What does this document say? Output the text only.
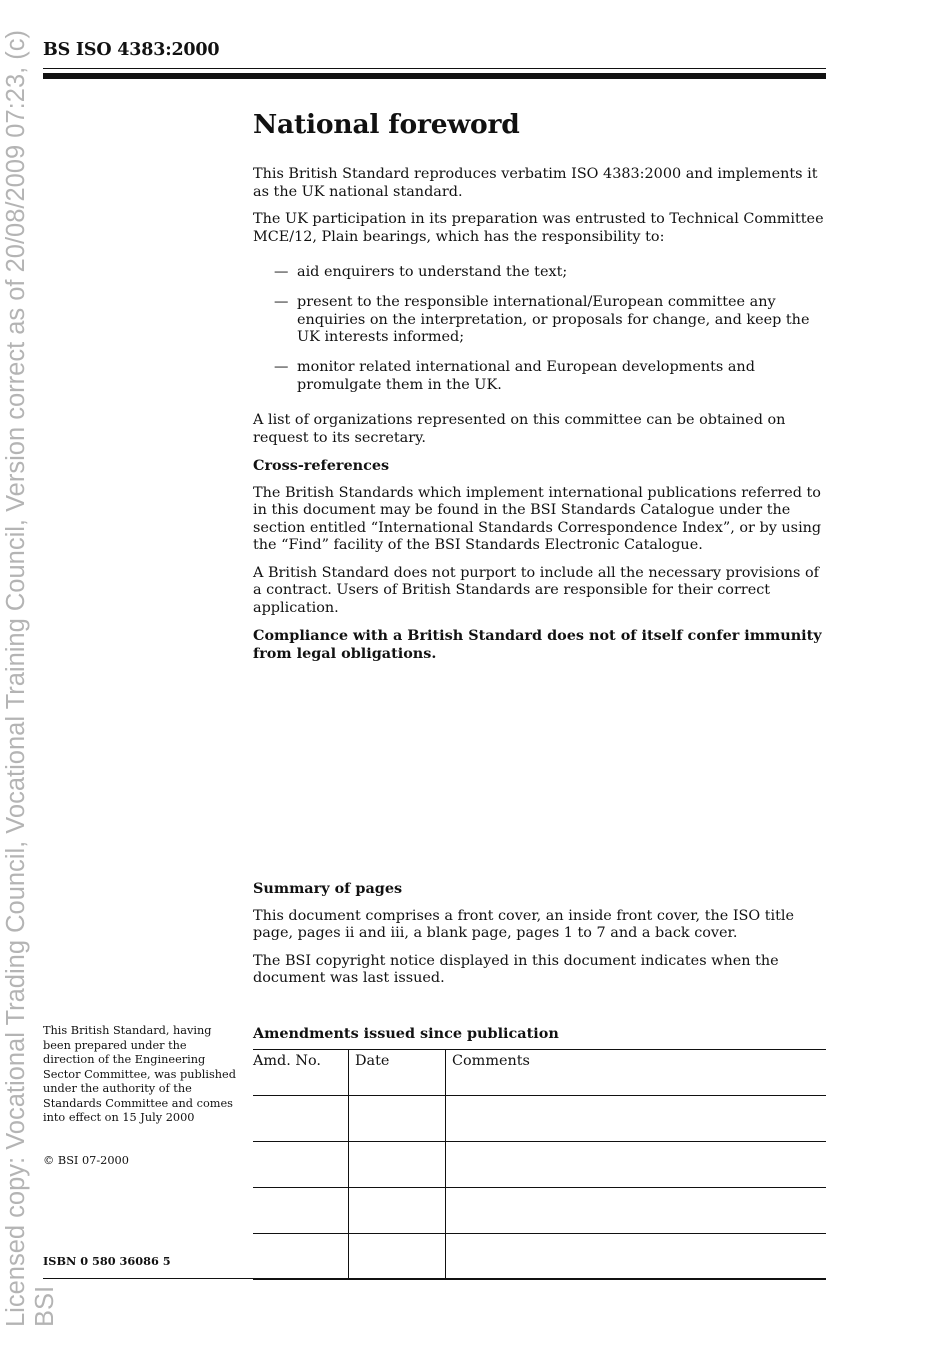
Licensed copy: Vocational Trading Council, Vocational Training Council, Version correct as of 20/08/2009 07:23, (c) BSI
BS ISO 4383:2000
National foreword

This British Standard reproduces verbatim ISO 4383:2000 and implements it as the UK national standard.

The UK participation in its preparation was entrusted to Technical Committee MCE/12, Plain bearings, which has the responsibility to:

— aid enquirers to understand the text;
— present to the responsible international/European committee any enquiries on the interpretation, or proposals for change, and keep the UK interests informed;
— monitor related international and European developments and promulgate them in the UK.

A list of organizations represented on this committee can be obtained on request to its secretary.

Cross-references

The British Standards which implement international publications referred to in this document may be found in the BSI Standards Catalogue under the section entitled “International Standards Correspondence Index”, or by using the “Find” facility of the BSI Standards Electronic Catalogue.

A British Standard does not purport to include all the necessary provisions of a contract. Users of British Standards are responsible for their correct application.

Compliance with a British Standard does not of itself confer immunity from legal obligations.

Summary of pages

This document comprises a front cover, an inside front cover, the ISO title page, pages ii and iii, a blank page, pages 1 to 7 and a back cover.

The BSI copyright notice displayed in this document indicates when the document was last issued.

Amendments issued since publication
Amd. No.	Date	Comments

This British Standard, having been prepared under the direction of the Engineering Sector Committee, was published under the authority of the Standards Committee and comes into effect on 15 July 2000
© BSI 07-2000
ISBN 0 580 36086 5
